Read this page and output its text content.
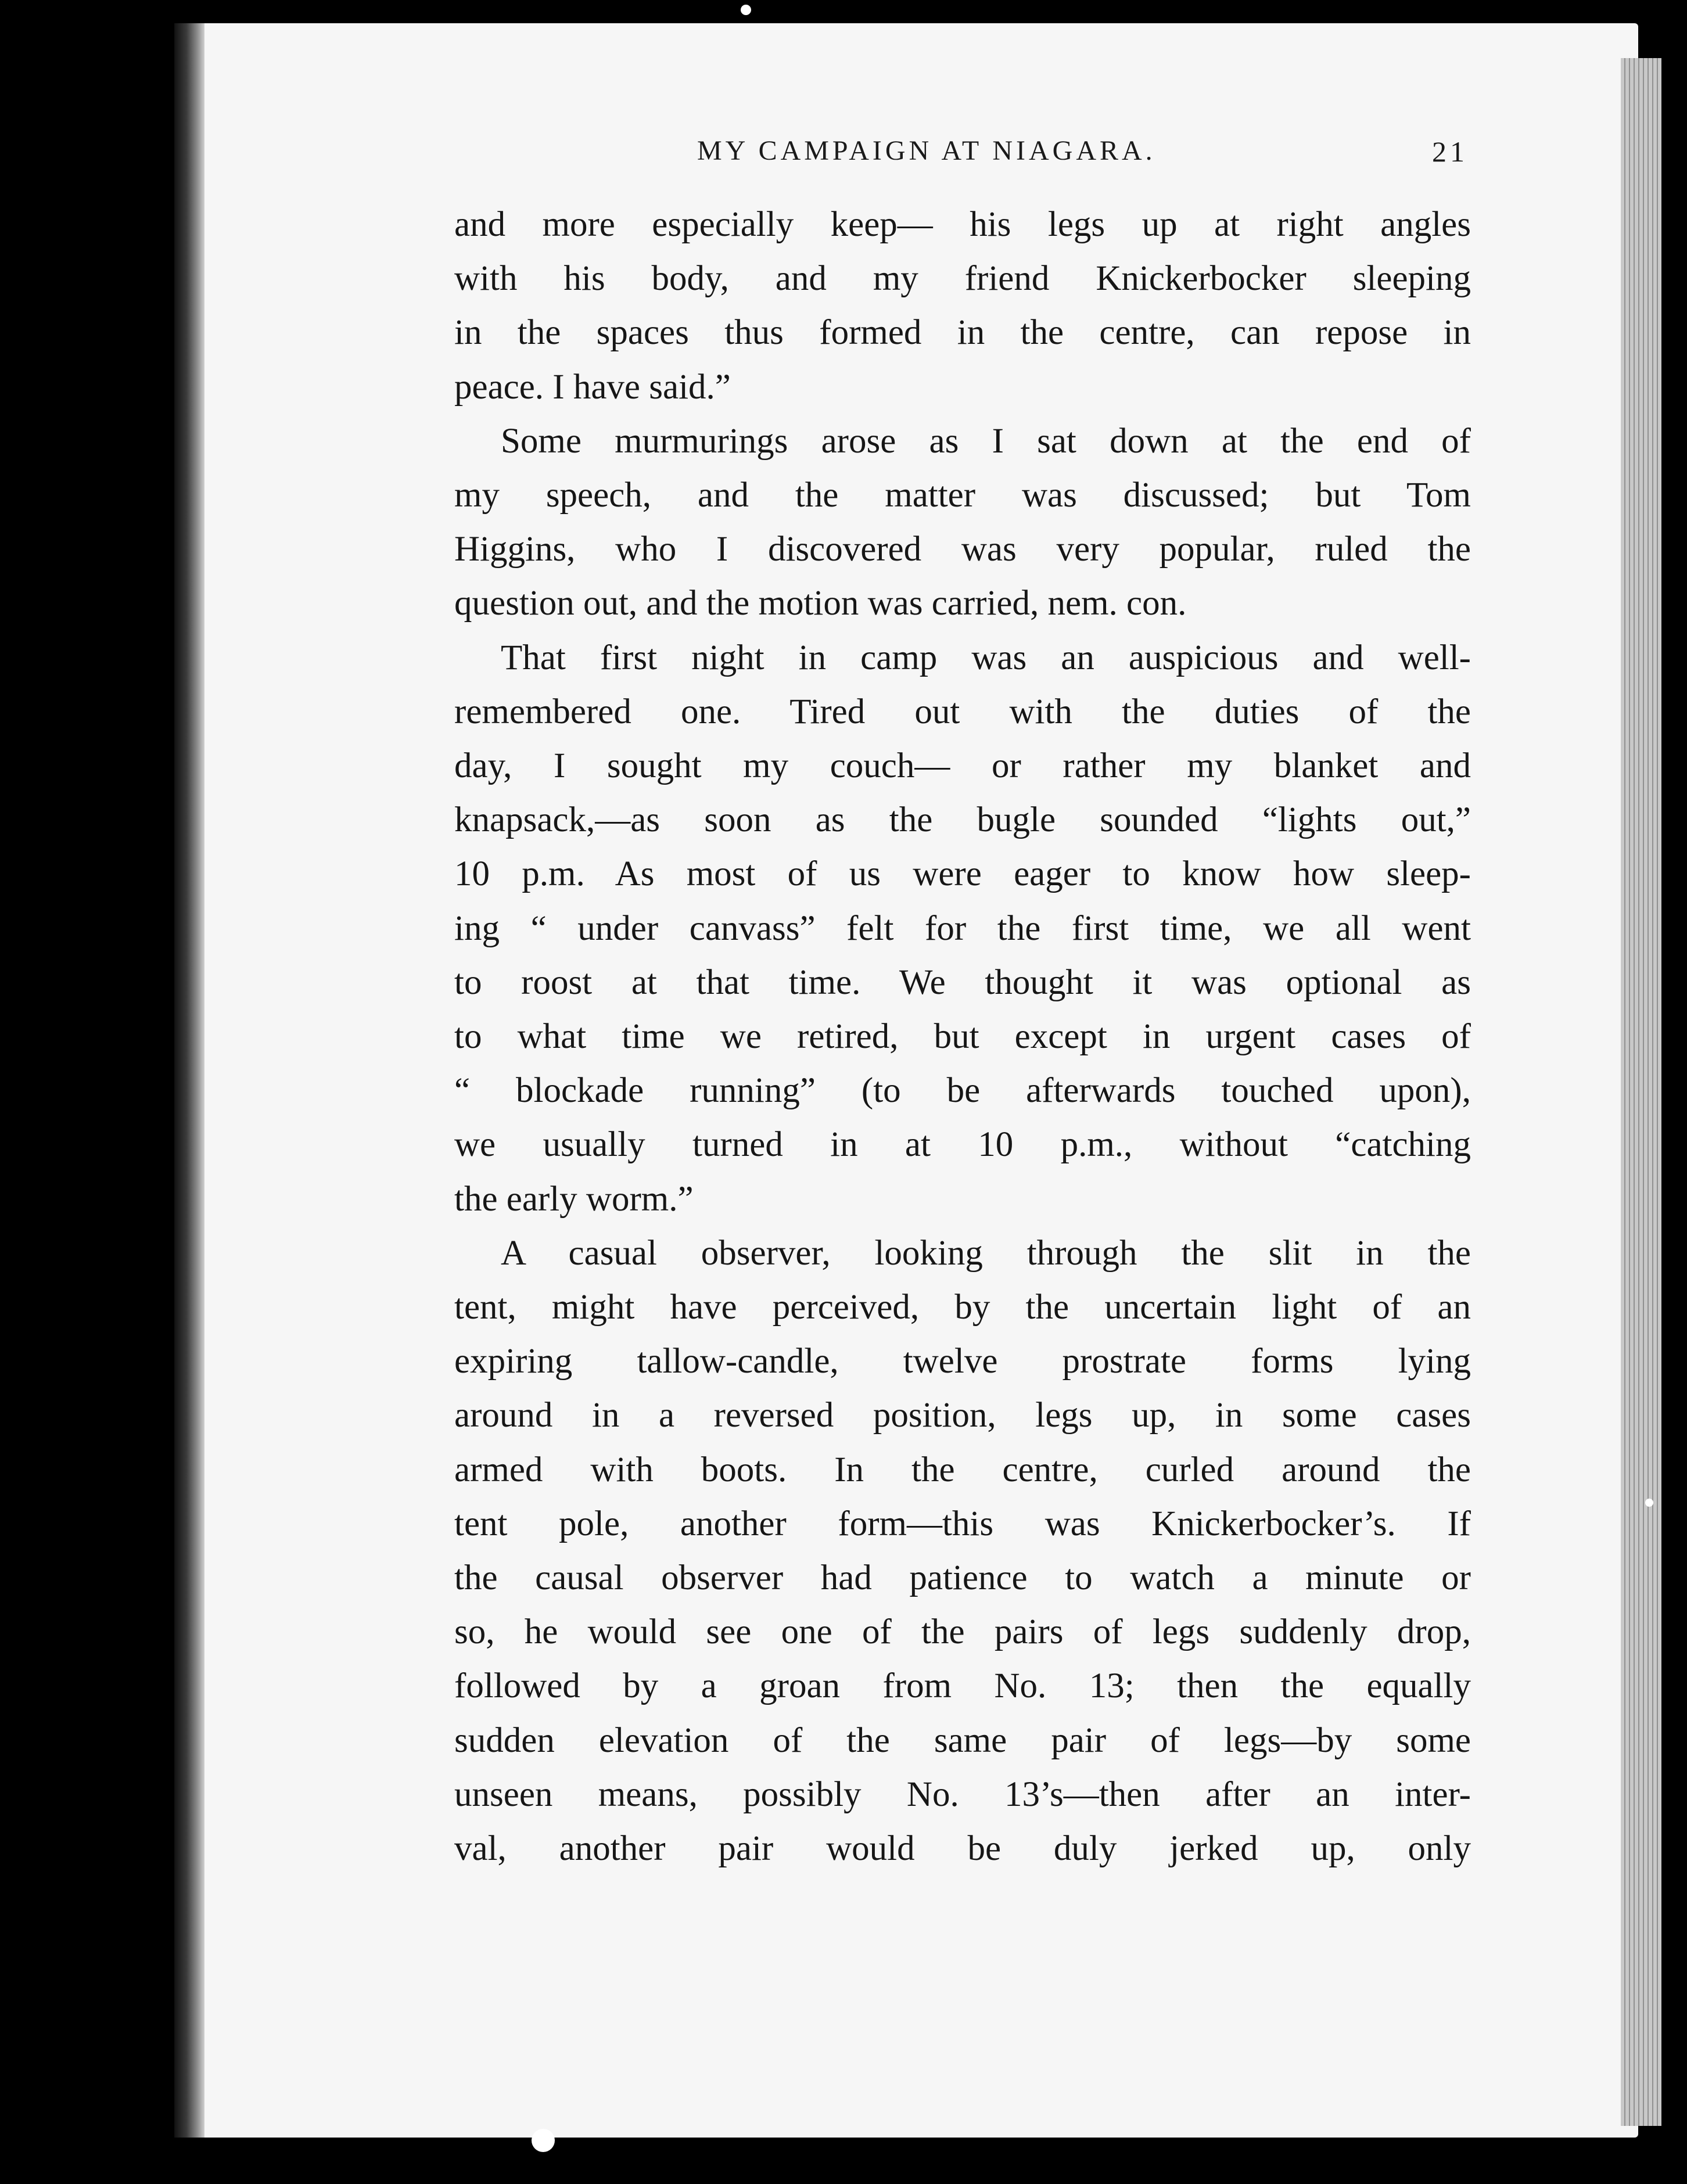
MY CAMPAIGN AT NIAGARA.	21
and more especially keep— his legs up at right angles
with his body, and my friend Knickerbocker sleeping
in the spaces thus formed in the centre, can repose in
peace. I have said.”
Some murmurings arose as I sat down at the end of
my speech, and the matter was discussed; but Tom
Higgins, who I discovered was very popular, ruled the
question out, and the motion was carried, nem. con.
That first night in camp was an auspicious and well-
remembered one. Tired out with the duties of the
day, I sought my couch— or rather my blanket and
knapsack,—as soon as the bugle sounded “lights out,”
10 p.m. As most of us were eager to know how sleep-
ing “ under canvass” felt for the first time, we all went
to roost at that time. We thought it was optional as
to what time we retired, but except in urgent cases of
“ blockade running” (to be afterwards touched upon),
we usually turned in at 10 p.m., without “catching
the early worm.”
A casual observer, looking through the slit in the
tent, might have perceived, by the uncertain light of an
expiring tallow-candle, twelve prostrate forms lying
around in a reversed position, legs up, in some cases
armed with boots. In the centre, curled around the
tent pole, another form—this was Knickerbocker’s. If
the causal observer had patience to watch a minute or
so, he would see one of the pairs of legs suddenly drop,
followed by a groan from No. 13; then the equally
sudden elevation of the same pair of legs—by some
unseen means, possibly No. 13’s—then after an inter-
val, another pair would be duly jerked up, only
